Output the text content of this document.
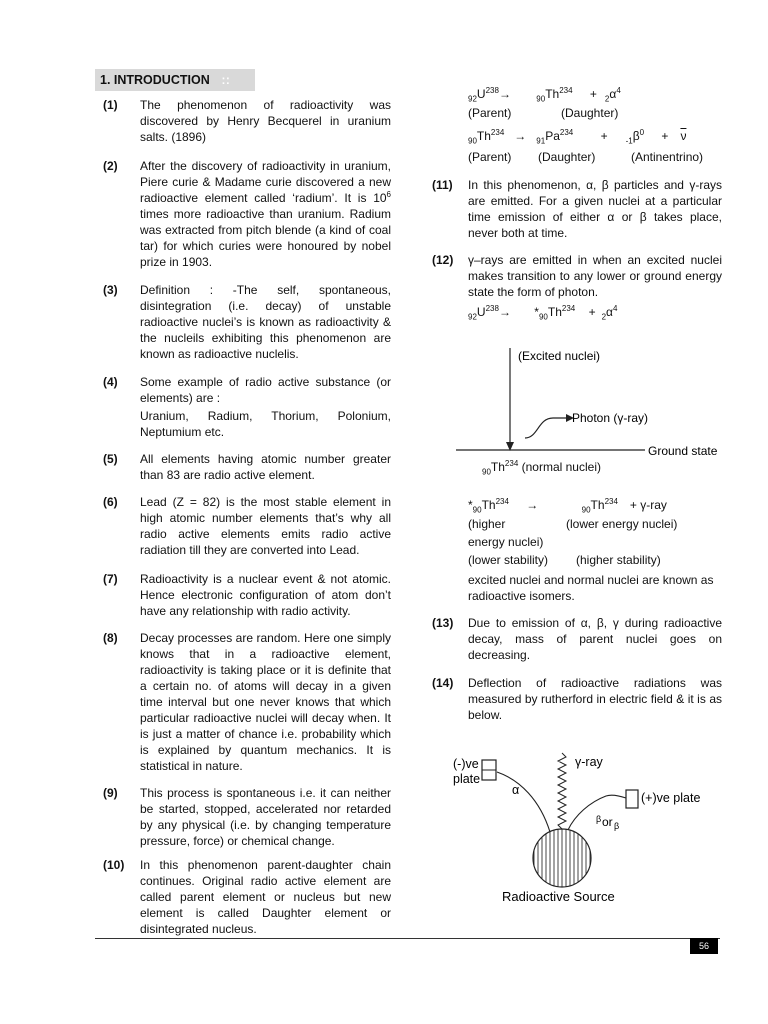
1. INTRODUCTION ⁚⁚
(1) The phenomenon of radioactivity was discovered by Henry Becquerel in uranium salts. (1896)
(2) After the discovery of radioactivity in uranium, Piere curie & Madame curie discovered a new radioactive element called ‘radium’. It is $10^6$ times more radioactive than uranium. Radium was extracted from pitch blende (a kind of coal tar) for which curies were honoured by nobel prize in 1903.
(3) Definition : -The self, spontaneous, disintegration (i.e. decay) of unstable radioactive nuclei’s is known as radioactivity & the nucleils exhibiting this phenomenon are known as radioactive nuclelis.
(4) Some example of radio active substance (or elements) are :

Uranium, Radium, Thorium, Polonium, Neptumium etc.

(5) All elements having atomic number greater than 83 are radio active element.
(6) Lead (Z = 82) is the most stable element in high atomic number elements that’s why all radio active elements emits radio active radiation till they are converted into Lead.
(7) Radioactivity is a nuclear event & not atomic. Hence electronic configuration of atom don’t have any relationship with radio activity.
(8) Decay processes are random. Here one simply knows that in a radioactive element, radioactivity is taking place or it is definite that a certain no. of atoms will decay in a given time interval but one never knows that which particular radioactive nuclei will decay when. It is just a matter of chance i.e. probability which is explained by quantum mechanics. It is statistical in nature.
(9) This process is spontaneous i.e. it can neither be started, stopped, accelerated nor retarded by any physical (i.e. by changing temperature pressure, force) or chemical change.
(10) In this phenomenon parent-daughter chain continues. Original radio active element are called parent element or nucleus but new element is called Daughter element or disintegrated nucleus.
$_{92}U^{238}\to$	$_{90}Th^{234} + _2\alpha^4$
(Parent)	(Daughter)
$_{90}Th^{234} \to _{91}Pa^{234} + _{-1}\beta^0 + \overline{\nu}$
(Parent) (Daughter)	(Antinentrino)
(11) In this phenomenon, α, β particles and γ-rays are emitted. For a given nuclei at a particular time emission of either α or β takes place, never both at time.
(12) γ–rays are emitted in when an excited nuclei makes transition to any lower or ground energy state the form of photon.
$_{92}U^{238}\to *_{90}Th^{234} + _2\alpha^4$
(Excited nuclei)
Photon (γ-ray)
Ground state
$_{90}Th^{234}$ (normal nuclei)
$*_{90}Th^{234}$ →	$_{90}Th^{234} + \gamma-ray$
(higher	(lower energy nuclei)
energy nuclei)
(lower stability) (higher stability)
excited nuclei and normal nuclei are known as radioactive isomers.
(13) Due to emission of α, β, γ during radioactive decay, mass of parent nuclei goes on decreasing.
(14) Deflection of radioactive radiations was measured by rutherford in electric field & it is as below.
(-)ve
plate
γ-ray
α
(+)ve plate
β or β
Radioactive Source
56
